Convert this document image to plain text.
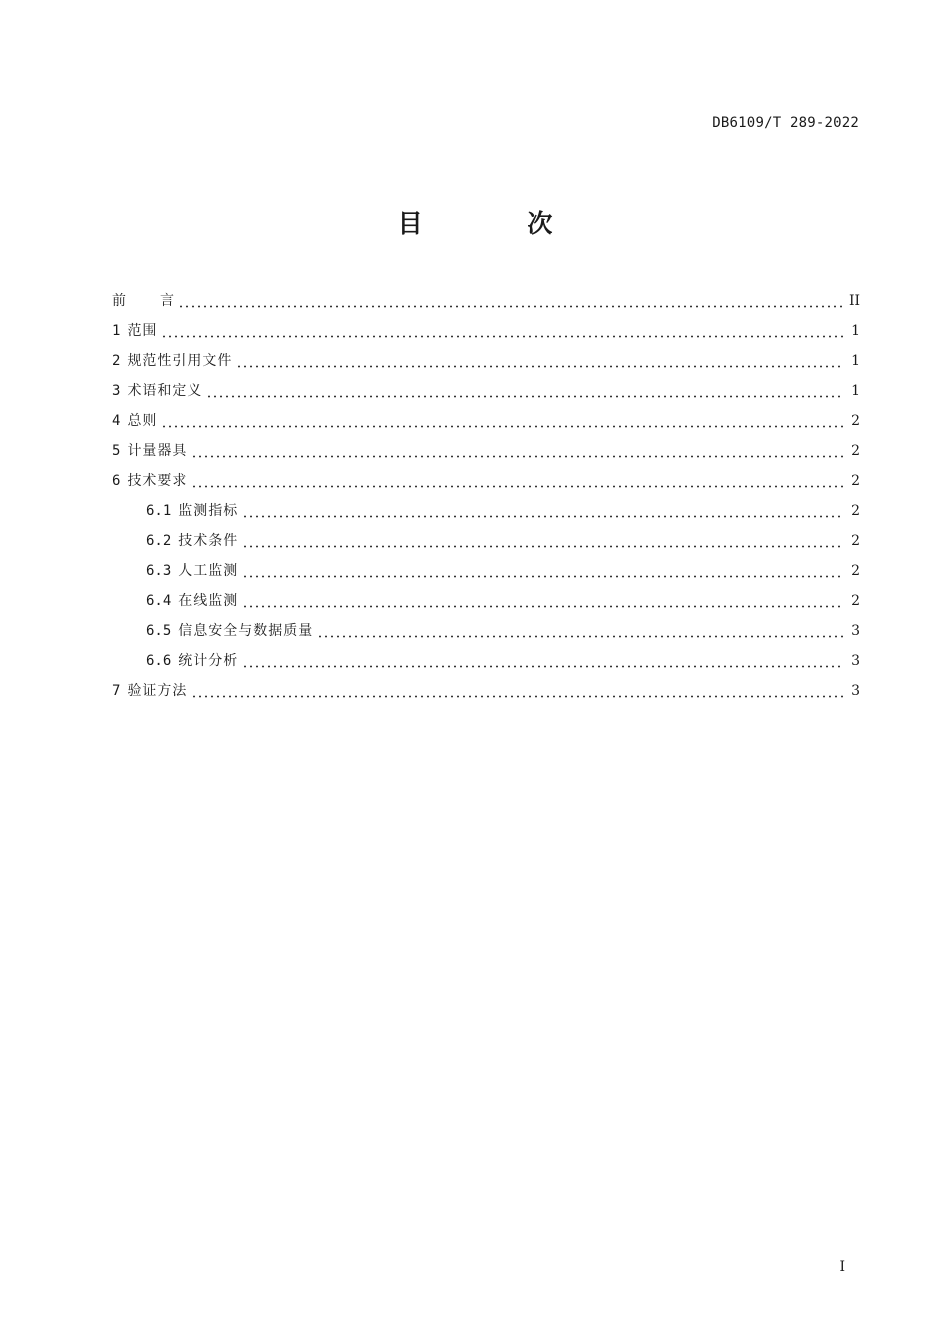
DB6109/T 289-2022
目 次
前 言	II
1 范围	1
2 规范性引用文件	1
3 术语和定义	1
4 总则	2
5 计量器具	2
6 技术要求	2
6.1 监测指标	2
6.2 技术条件	2
6.3 人工监测	2
6.4 在线监测	2
6.5 信息安全与数据质量	3
6.6 统计分析	3
7 验证方法	3
I
